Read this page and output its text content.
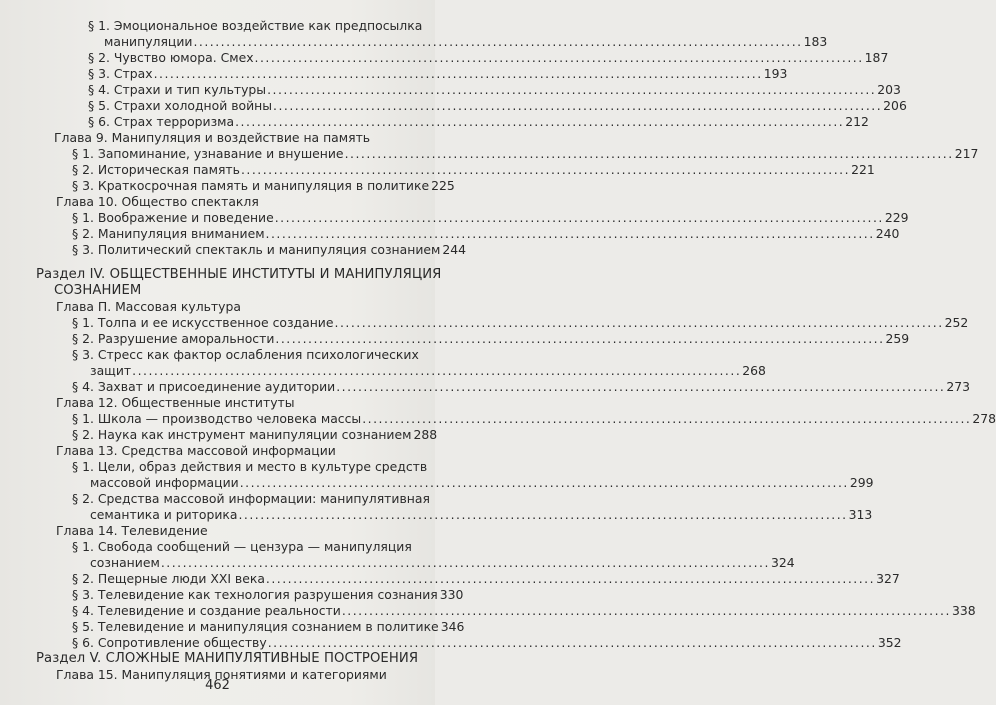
§ 1. Эмоциональное воздействие как предпосылка
манипуляции .....	183
§ 2. Чувство юмора. Смех .....	187
§ 3. Страх .....	193
§ 4. Страхи и тип культуры .....	203
§ 5. Страхи холодной войны .....	206
§ 6. Страх терроризма .....	212
Глава 9. Манипуляция и воздействие на память
§ 1. Запоминание, узнавание и внушение .....	217
§ 2. Историческая память .....	221
§ 3. Краткосрочная память и манипуляция в политике 225
Глава 10. Общество спектакля
§ 1. Воображение и поведение .....	229
§ 2. Манипуляция вниманием .....	240
§ 3. Политический спектакль и манипуляция сознанием 244
Раздел IV. ОБЩЕСТВЕННЫЕ ИНСТИТУТЫ И МАНИПУЛЯЦИЯ
СОЗНАНИЕМ
Глава П. Массовая культура
§ 1. Толпа и ее искусственное создание .....	252
§ 2. Разрушение аморальности .....	259
§ 3. Стресс как фактор ослабления психологических
защит .....	268
§ 4. Захват и присоединение аудитории .....	273
Глава 12. Общественные институты
§ 1. Школа — производство человека массы .....	278
§ 2. Наука как инструмент манипуляции сознанием 288
Глава 13. Средства массовой информации
§ 1. Цели, образ действия и место в культуре средств
массовой информации .....	299
§ 2. Средства массовой информации: манипулятивная
семантика и риторика .....	313
Глава 14. Телевидение
§ 1. Свобода сообщений — цензура — манипуляция
сознанием .....	324
§ 2. Пещерные люди XXI века .....	327
§ 3. Телевидение как технология разрушения сознания 330
§ 4. Телевидение и создание реальности .....	338
§ 5. Телевидение и манипуляция сознанием в политике 346
§ 6. Сопротивление обществу .....	352
Раздел V. СЛОЖНЫЕ МАНИПУЛЯТИВНЫЕ ПОСТРОЕНИЯ
Глава 15. Манипуляция понятиями и категориями
462
